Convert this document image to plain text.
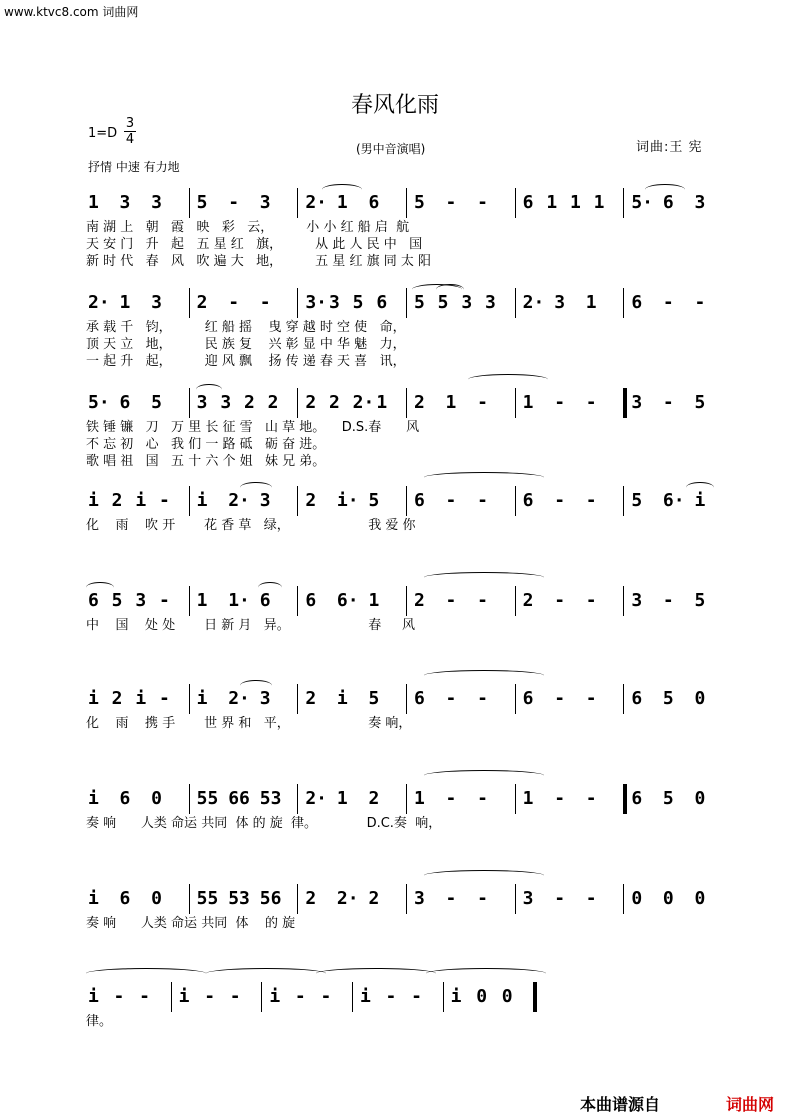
www.ktvc8.com 词曲网
春风化雨
$1=D \frac{3}{4}$
(男中音演唱)	词曲:王 宪
抒情 中速 有力地
1 3 3 5 - 3 2· 1 6 5 - - 6 1 1 1 5· 6 3
南 湖 上   朝   霞   映   彩   云，        小 小 红 船 启  航
天 安 门   升   起   五 星 红   旗，        从 此 人 民 中   国
新 时 代   春   风   吹 遍 大   地，        五 星 红 旗 同 太 阳
2· 1 3 2 - - 3· 3 5 6 5 5 3 3 2· 3 1 6 - -
承 载 千   钧，        红 船 摇    曳 穿 越 时 空 使   命，
顶 天 立   地，        民 族 复    兴 彰 显 中 华 魅   力，
一 起 升   起，        迎 风 飘    扬 传 递 春 天 喜   讯，
5· 6 5 3 3 2 2 2 2 2· 1 2 1 - 1 - - 3 - 5
铁 锤 镰   刀   万 里 长 征 雪   山 草 地。    D.S.春      风
不 忘 初   心   我 们 一 路 砥   砺 奋 进。
歌 唱 祖   国   五 十 六 个 姐   妹 兄 弟。
i 2 i - i 2· 3 2 i· 5 6 - - 6 - - 5 6· i
化    雨    吹 开       花 香 草   绿，                   我 爱 你
6 5 3 - 1 1· 6 6 6· 1 2 - - 2 - - 3 - 5
中    国    处 处       日 新 月   异。                   春     风
i 2 i - i 2· 3 2 i 5 6 - - 6 - - 6 5 0
化    雨    携 手       世 界 和   平，                   奏 响，
i 6 0 55 66 53 2· 1 2 1 - - 1 - - 6 5 0
奏 响      人类 命运 共同  体 的 旋  律。            D.C.奏  响，
i 6 0 55 53 56 2 2· 2 3 - - 3 - - 0 0 0
奏 响      人类 命运 共同  体    的 旋
i - - i - - i - - i - - i 0 0
律。
本曲谱源自	词曲网
